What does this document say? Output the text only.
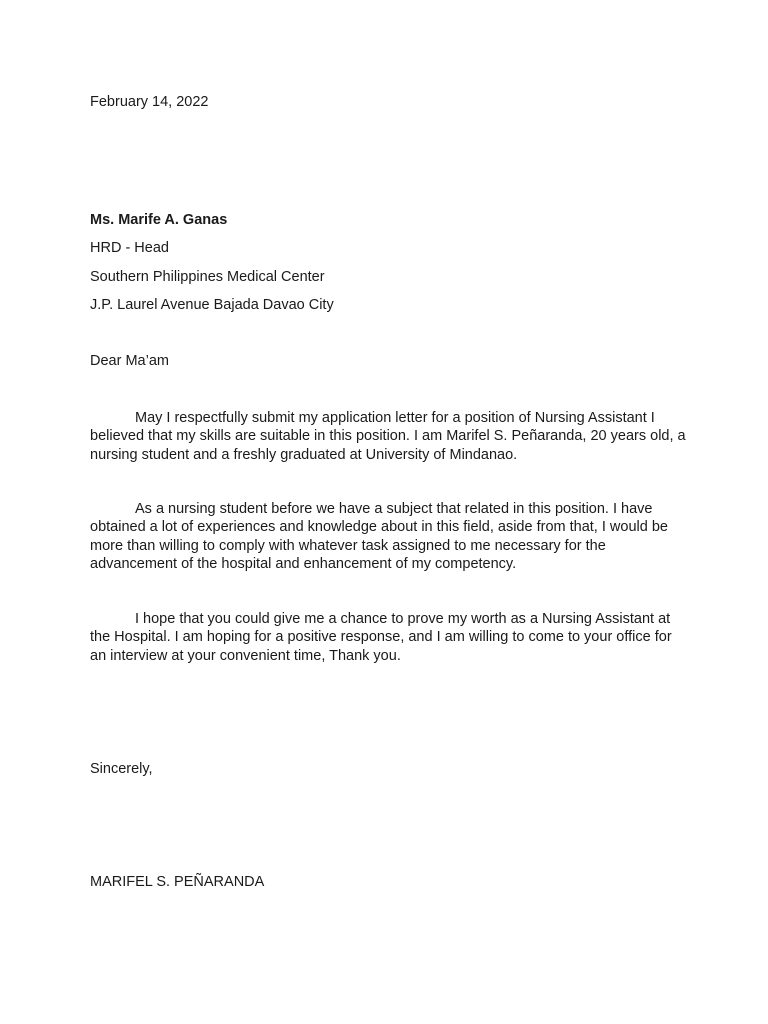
February 14, 2022
Ms. Marife A. Ganas
HRD - Head
Southern Philippines Medical Center
J.P. Laurel Avenue Bajada Davao City
Dear Ma’am

May I respectfully submit my application letter for a position of Nursing Assistant I believed that my skills are suitable in this position. I am Marifel S. Peñaranda, 20 years old, a nursing student and a freshly graduated at University of Mindanao.

As a nursing student before we have a subject that related in this position. I have obtained a lot of experiences and knowledge about in this field, aside from that, I would be more than willing to comply with whatever task assigned to me necessary for the advancement of the hospital and enhancement of my competency.

I hope that you could give me a chance to prove my worth as a Nursing Assistant at the Hospital. I am hoping for a positive response, and I am willing to come to your office for an interview at your convenient time, Thank you.

Sincerely,
MARIFEL S. PEÑARANDA
